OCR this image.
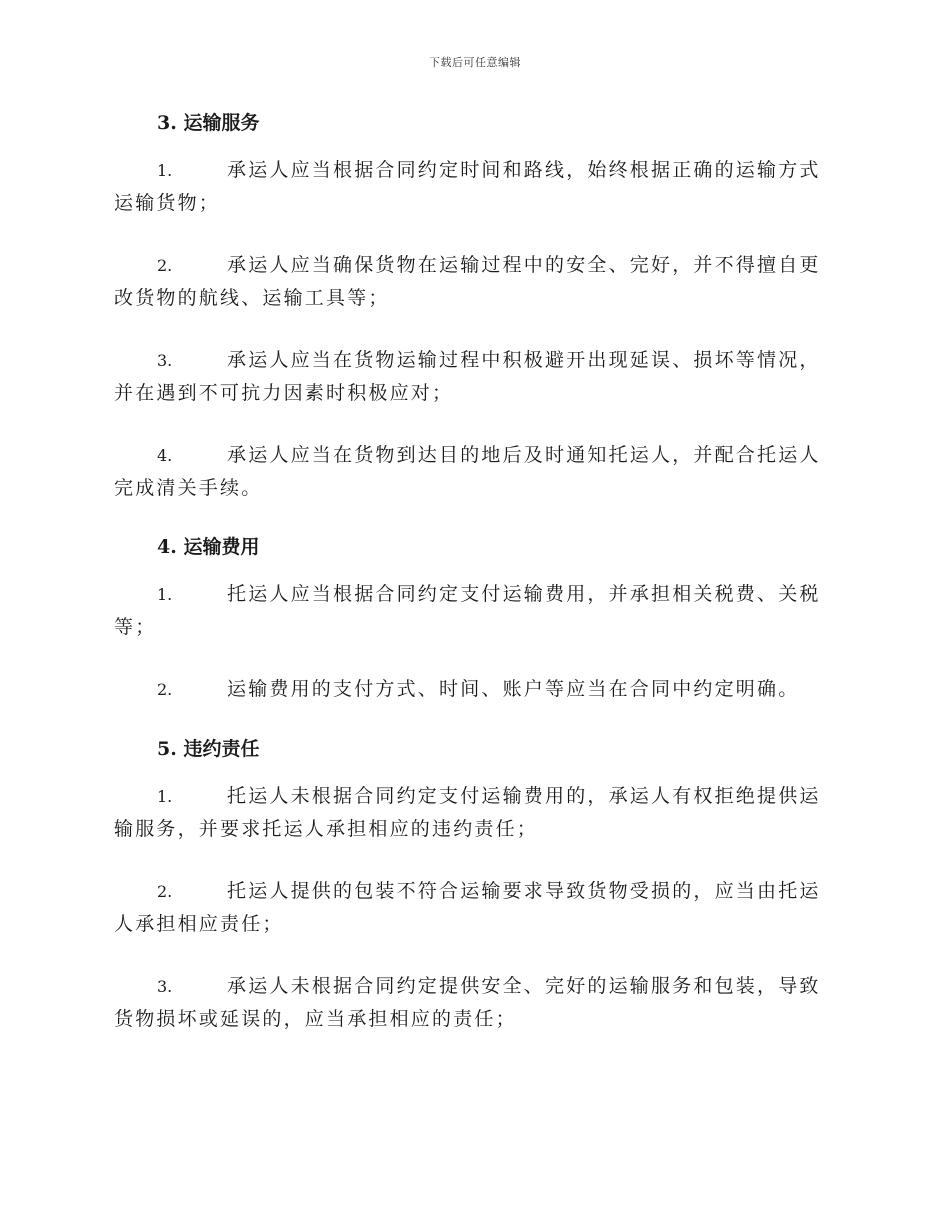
下载后可任意编辑
3. 运输服务

1.	承运人应当根据合同约定时间和路线，始终根据正确的运输方式运输货物；

2.	承运人应当确保货物在运输过程中的安全、完好，并不得擅自更改货物的航线、运输工具等；

3.	承运人应当在货物运输过程中积极避开出现延误、损坏等情况，并在遇到不可抗力因素时积极应对；

4.	承运人应当在货物到达目的地后及时通知托运人，并配合托运人完成清关手续。

4. 运输费用

1.	托运人应当根据合同约定支付运输费用，并承担相关税费、关税等；

2.	运输费用的支付方式、时间、账户等应当在合同中约定明确。

5. 违约责任

1.	托运人未根据合同约定支付运输费用的，承运人有权拒绝提供运输服务，并要求托运人承担相应的违约责任；

2.	托运人提供的包装不符合运输要求导致货物受损的，应当由托运人承担相应责任；

3.	承运人未根据合同约定提供安全、完好的运输服务和包装，导致货物损坏或延误的，应当承担相应的责任；
